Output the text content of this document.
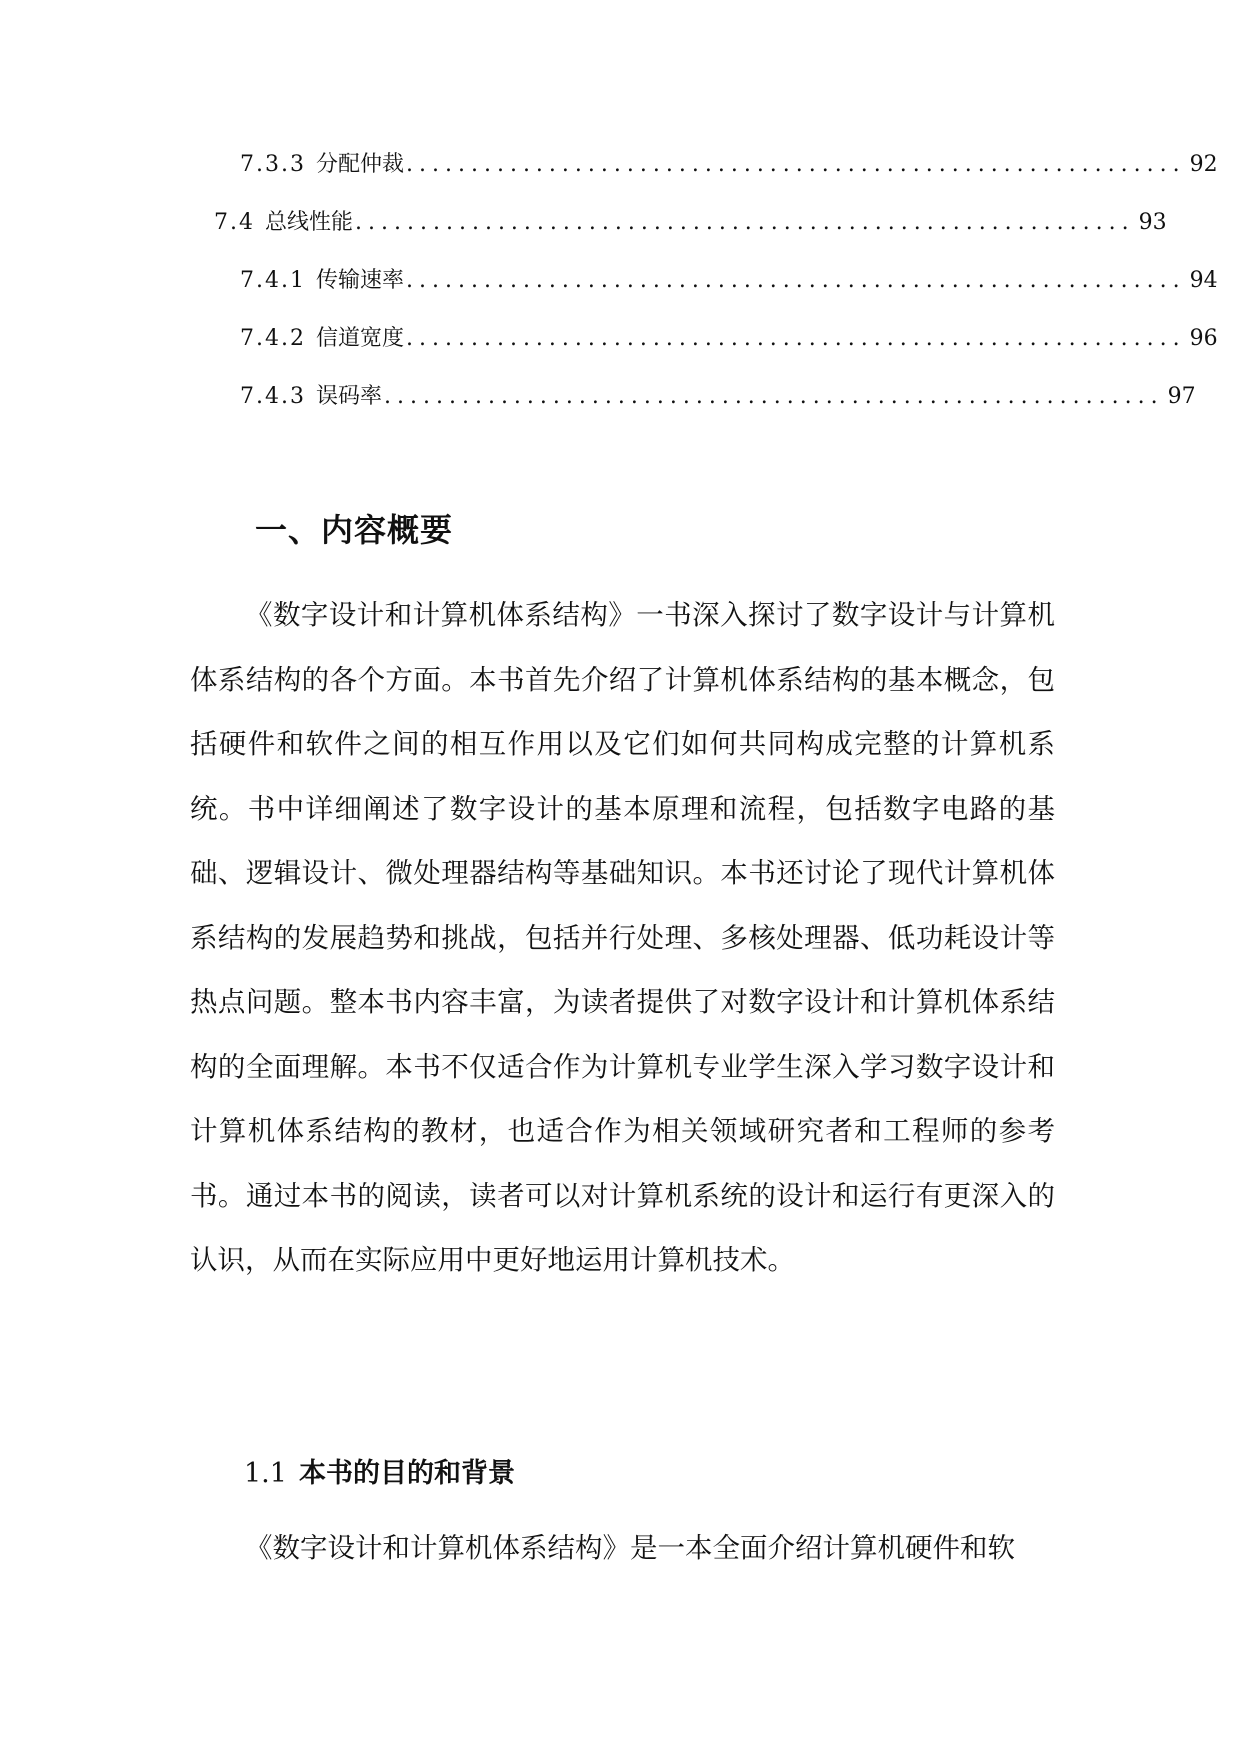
7.3.3 分配仲裁 ............................................................ 92
7.4 总线性能 ............................................................ 93
7.4.1 传输速率 ............................................................ 94
7.4.2 信道宽度 ............................................................ 96
7.4.3 误码率 ............................................................ 97
一、内容概要

《数字设计和计算机体系结构》一书深入探讨了数字设计与计算机体系结构的各个方面。本书首先介绍了计算机体系结构的基本概念，包括硬件和软件之间的相互作用以及它们如何共同构成完整的计算机系统。书中详细阐述了数字设计的基本原理和流程，包括数字电路的基础、逻辑设计、微处理器结构等基础知识。本书还讨论了现代计算机体系结构的发展趋势和挑战，包括并行处理、多核处理器、低功耗设计等热点问题。整本书内容丰富，为读者提供了对数字设计和计算机体系结构的全面理解。本书不仅适合作为计算机专业学生深入学习数字设计和计算机体系结构的教材，也适合作为相关领域研究者和工程师的参考书。通过本书的阅读，读者可以对计算机系统的设计和运行有更深入的认识，从而在实际应用中更好地运用计算机技术。

1.1 本书的目的和背景

《数字设计和计算机体系结构》是一本全面介绍计算机硬件和软
